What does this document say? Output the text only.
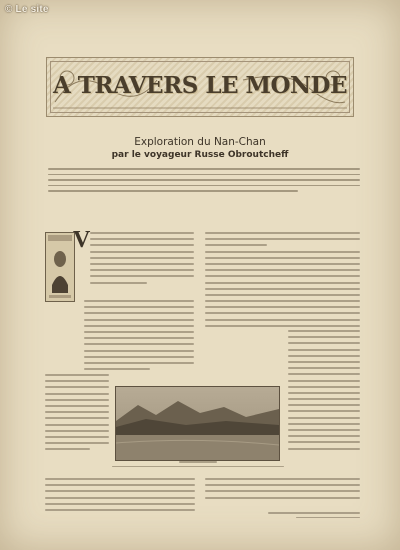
© Le site
A TRAVERS LE MONDE
Exploration du Nan-Chan
par le voyageur Russe Obroutcheff
V
